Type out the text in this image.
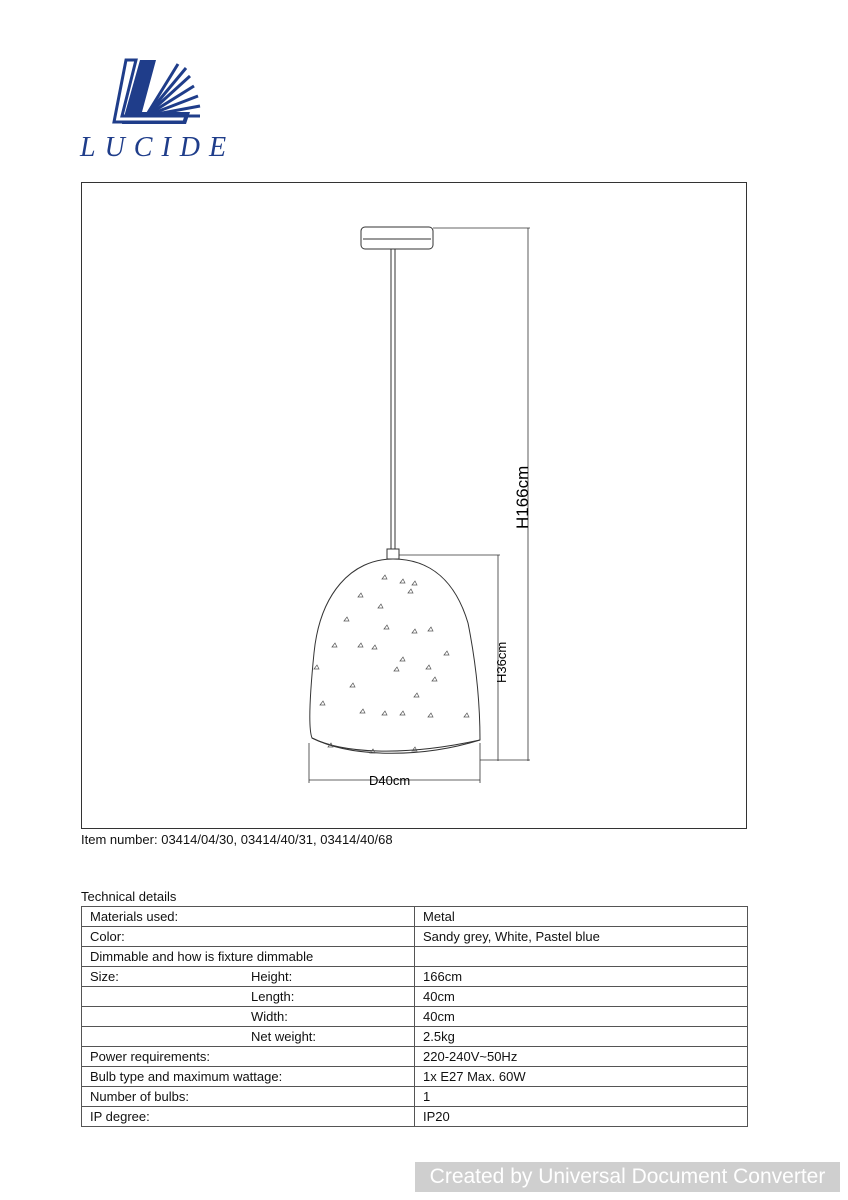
LUCIDE
H166cm
H36cm
D40cm
Item number: 03414/04/30, 03414/40/31, 03414/40/68
Technical details
Materials used:		Metal
Color:		Sandy grey, White, Pastel blue
Dimmable and how is fixture dimmable		
Size:	Height:	166cm
	Length:	40cm
	Width:	40cm
	Net weight:	2.5kg
Power requirements:		220-240V~50Hz
Bulb type and maximum wattage:		1x E27 Max. 60W
Number of bulbs:		1
IP degree:		IP20
Created by Universal Document Converter
